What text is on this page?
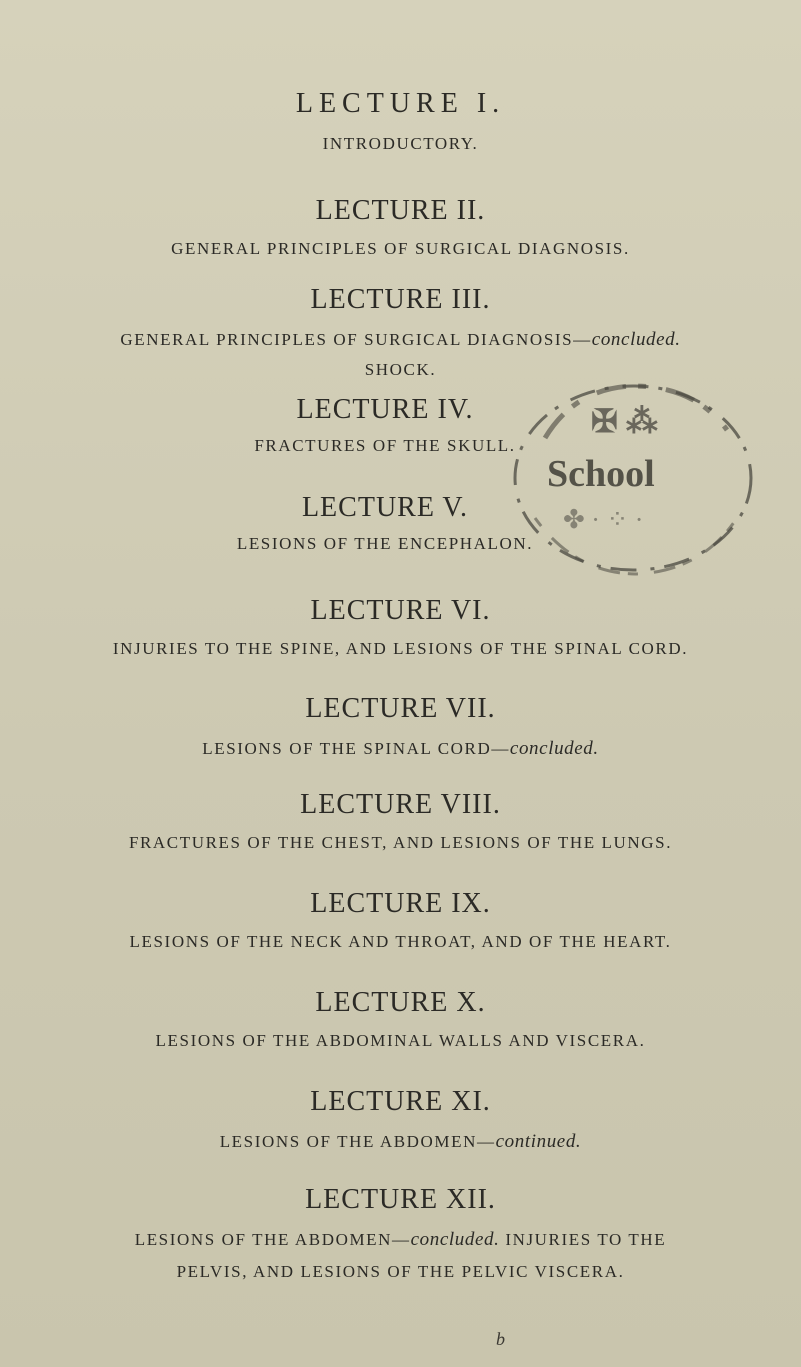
LECTURE I.

INTRODUCTORY.

LECTURE II.

GENERAL PRINCIPLES OF SURGICAL DIAGNOSIS.

LECTURE III.

GENERAL PRINCIPLES OF SURGICAL DIAGNOSIS—concluded.

SHOCK.

LECTURE IV.

FRACTURES OF THE SKULL.

LECTURE V.

LESIONS OF THE ENCEPHALON.

School
✠ ⁂
✤ · ⁘ ·

LECTURE VI.

INJURIES TO THE SPINE, AND LESIONS OF THE SPINAL CORD.

LECTURE VII.

LESIONS OF THE SPINAL CORD—concluded.

LECTURE VIII.

FRACTURES OF THE CHEST, AND LESIONS OF THE LUNGS.

LECTURE IX.

LESIONS OF THE NECK AND THROAT, AND OF THE HEART.

LECTURE X.

LESIONS OF THE ABDOMINAL WALLS AND VISCERA.

LECTURE XI.

LESIONS OF THE ABDOMEN—continued.

LECTURE XII.

LESIONS OF THE ABDOMEN—concluded. INJURIES TO THE

PELVIS, AND LESIONS OF THE PELVIC VISCERA.

b
